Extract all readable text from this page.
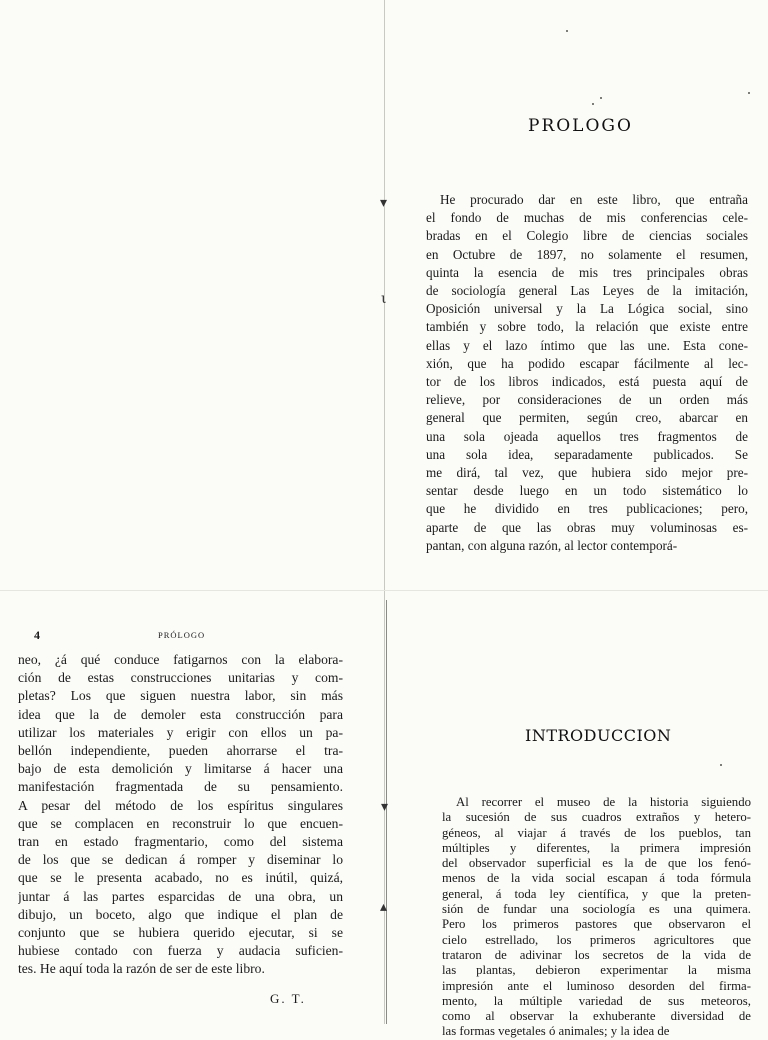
▾
ι
▾
▴
PROLOGO
He procurado dar en este libro, que entraña
el fondo de muchas de mis conferencias cele-
bradas en el Colegio libre de ciencias sociales
en Octubre de 1897, no solamente el resumen,
quinta la esencia de mis tres principales obras
de sociología general Las Leyes de la imitación,
Oposición universal y la La Lógica social, sino
también y sobre todo, la relación que existe entre
ellas y el lazo íntimo que las une. Esta cone-
xión, que ha podido escapar fácilmente al lec-
tor de los libros indicados, está puesta aquí de
relieve, por consideraciones de un orden más
general que permiten, según creo, abarcar en
una sola ojeada aquellos tres fragmentos de
una sola idea, separadamente publicados. Se
me dirá, tal vez, que hubiera sido mejor pre-
sentar desde luego en un todo sistemático lo
que he dividido en tres publicaciones; pero,
aparte de que las obras muy voluminosas es-
pantan, con alguna razón, al lector contemporá-
4	PRÓLOGO
neo, ¿á qué conduce fatigarnos con la elabora-
ción de estas construcciones unitarias y com-
pletas? Los que siguen nuestra labor, sin más
idea que la de demoler esta construcción para
utilizar los materiales y erigir con ellos un pa-
bellón independiente, pueden ahorrarse el tra-
bajo de esta demolición y limitarse á hacer una
manifestación fragmentada de su pensamiento.
A pesar del método de los espíritus singulares
que se complacen en reconstruir lo que encuen-
tran en estado fragmentario, como del sistema
de los que se dedican á romper y diseminar lo
que se le presenta acabado, no es inútil, quizá,
juntar á las partes esparcidas de una obra, un
dibujo, un boceto, algo que indique el plan de
conjunto que se hubiera querido ejecutar, si se
hubiese contado con fuerza y audacia suficien-
tes. He aquí toda la razón de ser de este libro.
G. T.
INTRODUCCION
Al recorrer el museo de la historia siguiendo
la sucesión de sus cuadros extraños y hetero-
géneos, al viajar á través de los pueblos, tan
múltiples y diferentes, la primera impresión
del observador superficial es la de que los fenó-
menos de la vida social escapan á toda fórmula
general, á toda ley científica, y que la preten-
sión de fundar una sociología es una quimera.
Pero los primeros pastores que observaron el
cielo estrellado, los primeros agricultores que
trataron de adivinar los secretos de la vida de
las plantas, debieron experimentar la misma
impresión ante el luminoso desorden del firma-
mento, la múltiple variedad de sus meteoros,
como al observar la exhuberante diversidad de
las formas vegetales ó animales; y la idea de
